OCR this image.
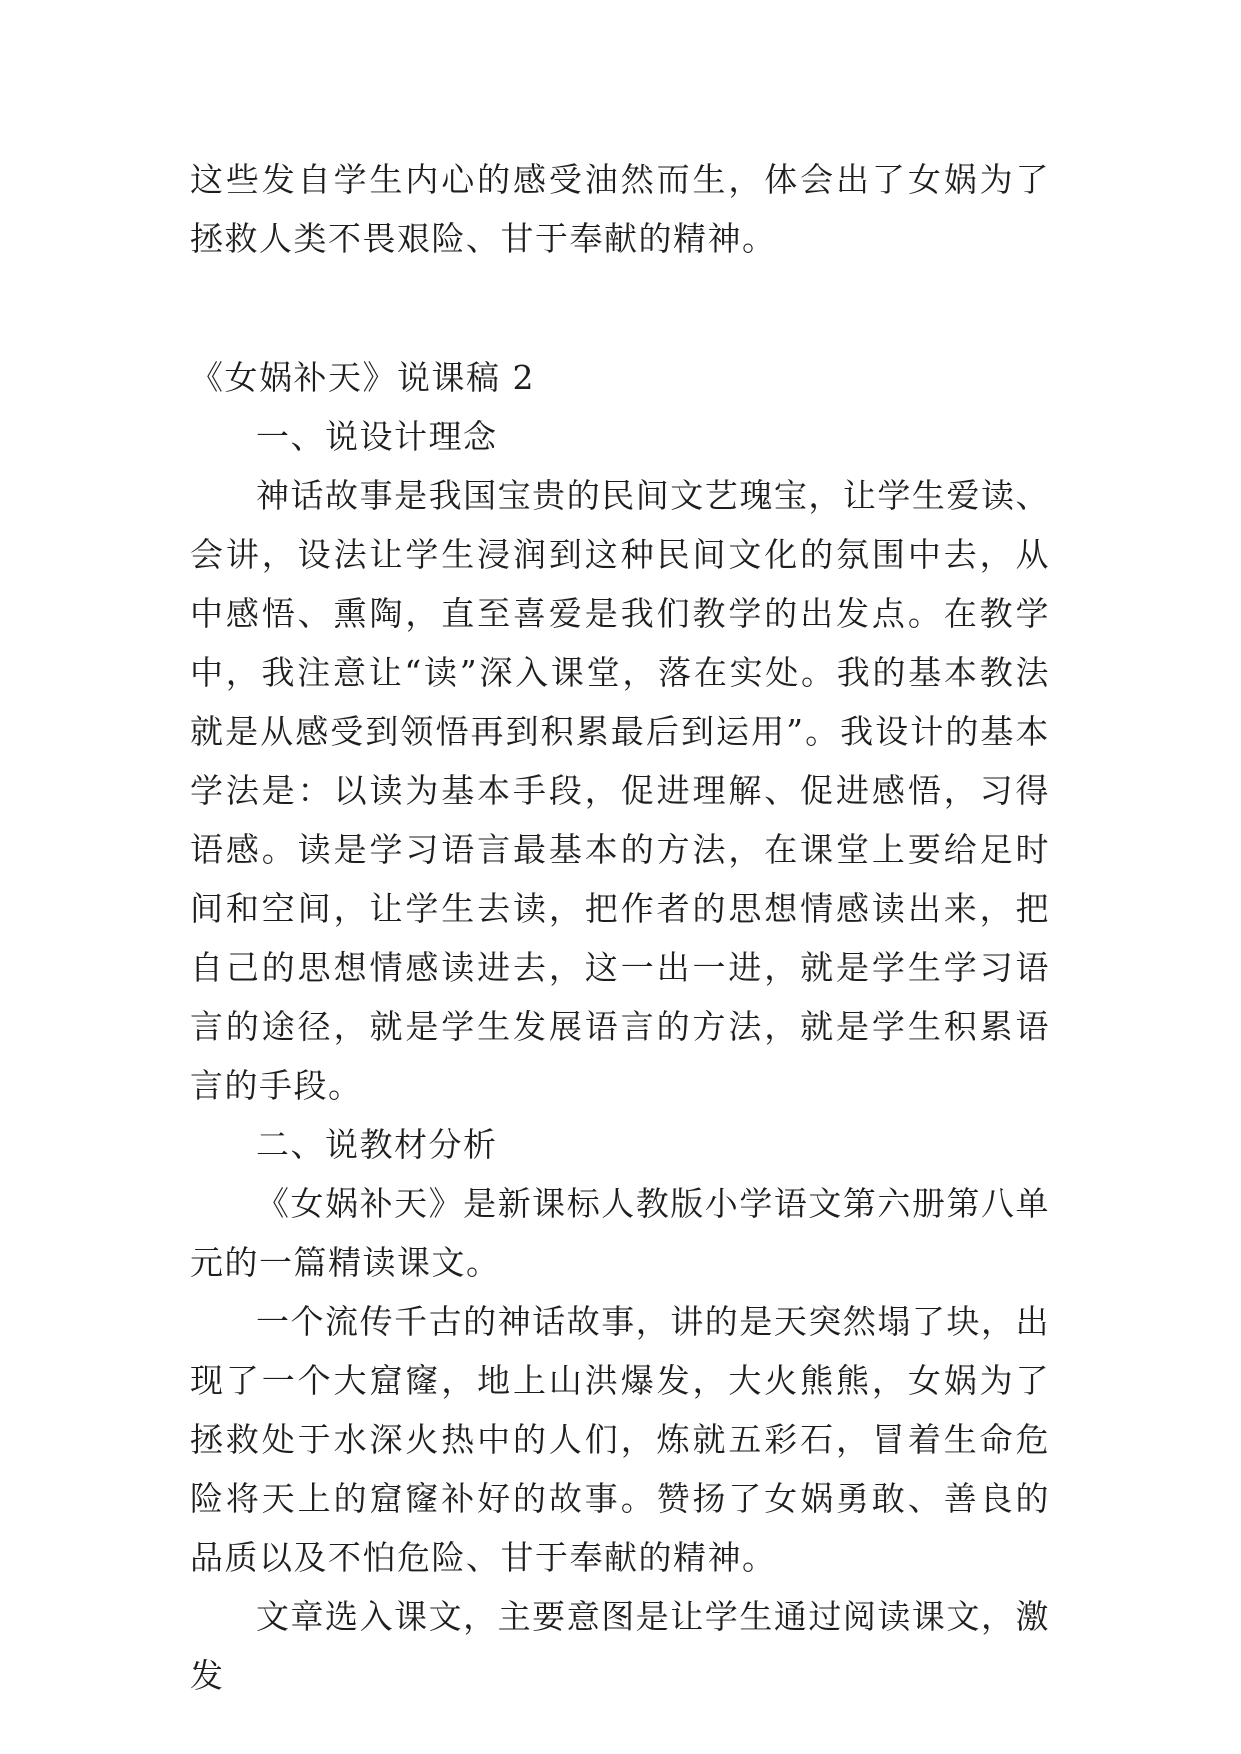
这些发自学生内心的感受油然而生，体会出了女娲为了拯救人类不畏艰险、甘于奉献的精神。

《女娲补天》说课稿 2

一、说设计理念

神话故事是我国宝贵的民间文艺瑰宝，让学生爱读、会讲，设法让学生浸润到这种民间文化的氛围中去，从中感悟、熏陶，直至喜爱是我们教学的出发点。在教学中，我注意让“读”深入课堂，落在实处。我的基本教法就是从感受到领悟再到积累最后到运用”。我设计的基本学法是：以读为基本手段，促进理解、促进感悟，习得语感。读是学习语言最基本的方法，在课堂上要给足时间和空间，让学生去读，把作者的思想情感读出来，把自己的思想情感读进去，这一出一进，就是学生学习语言的途径，就是学生发展语言的方法，就是学生积累语言的手段。

二、说教材分析

《女娲补天》是新课标人教版小学语文第六册第八单元的一篇精读课文。

一个流传千古的神话故事，讲的是天突然塌了块，出现了一个大窟窿，地上山洪爆发，大火熊熊，女娲为了拯救处于水深火热中的人们，炼就五彩石，冒着生命危险将天上的窟窿补好的故事。赞扬了女娲勇敢、善良的品质以及不怕危险、甘于奉献的精神。

文章选入课文，主要意图是让学生通过阅读课文，激发
